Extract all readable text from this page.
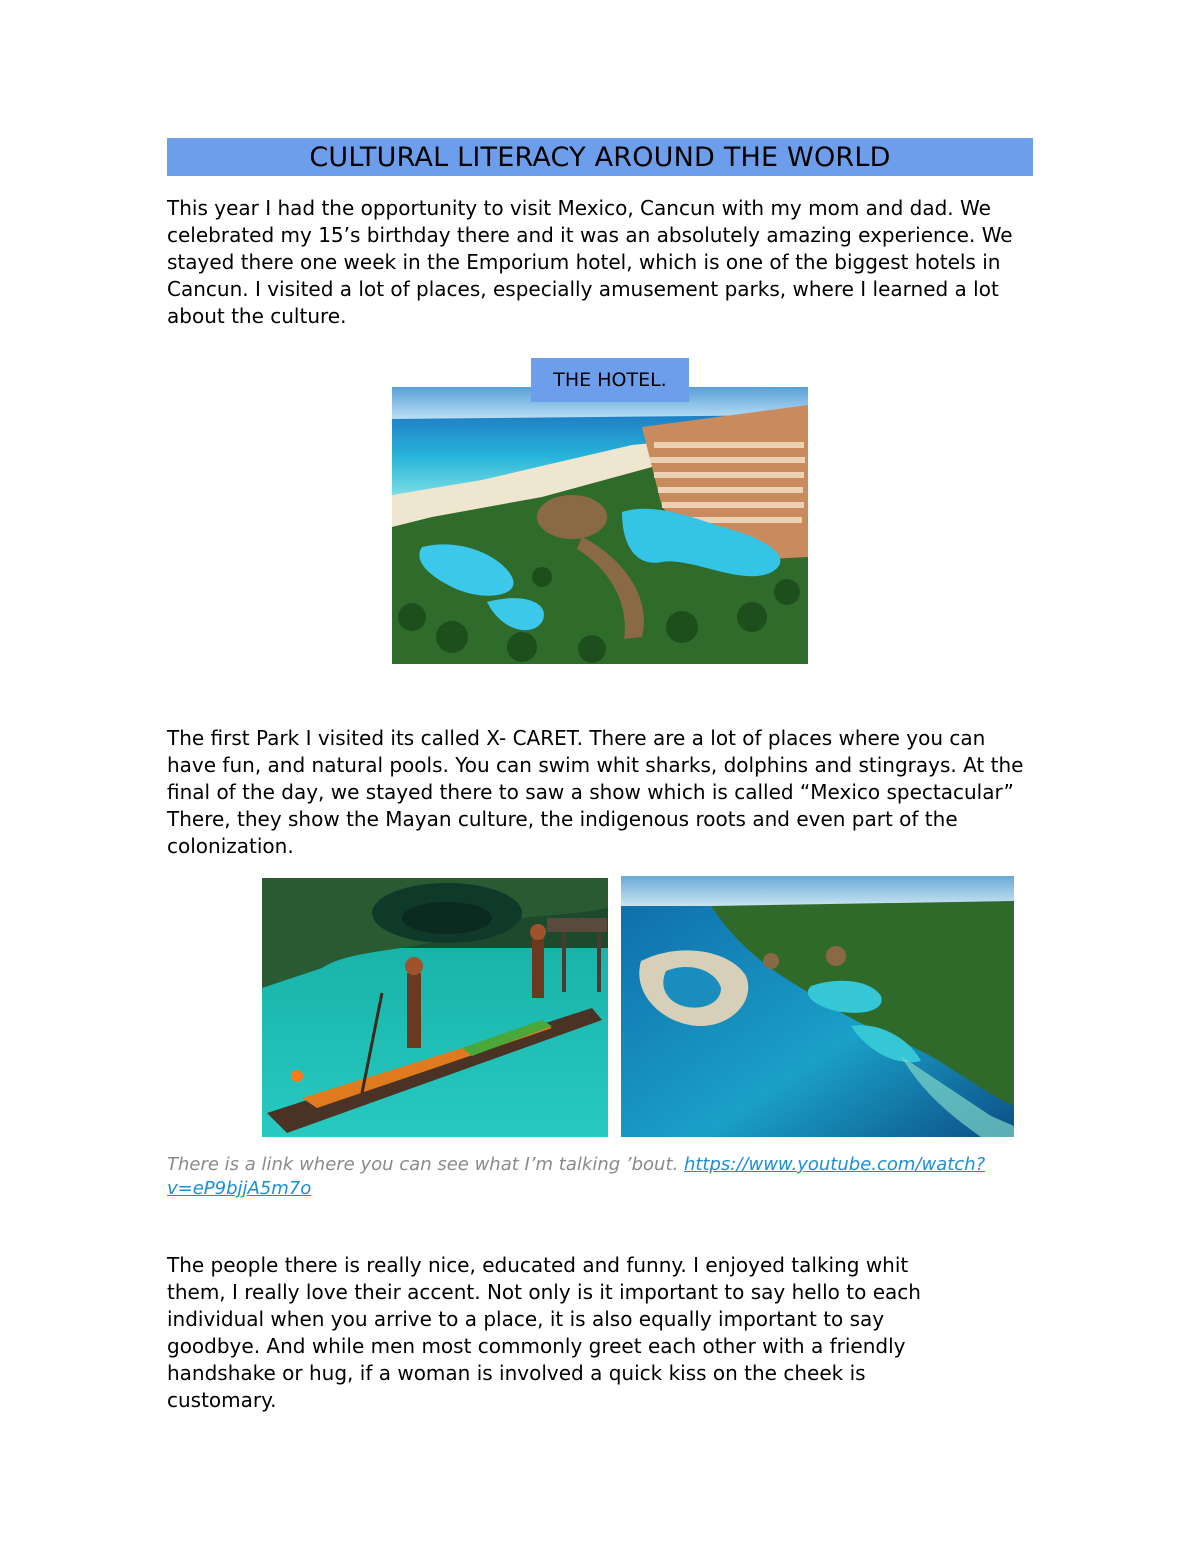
CULTURAL LITERACY AROUND THE WORLD

This year I had the opportunity to visit Mexico, Cancun with my mom and dad. We celebrated my 15’s birthday there and it was an absolutely amazing experience. We stayed there one week in the Emporium hotel, which is one of the biggest hotels in Cancun. I visited a lot of places, especially amusement parks, where I learned a lot about the culture.

THE HOTEL.

The first Park I visited its called X- CARET. There are a lot of places where you can have fun, and natural pools. You can swim whit sharks, dolphins and stingrays. At the final of the day, we stayed there to saw a show which is called “Mexico spectacular” There, they show the Mayan culture, the indigenous roots and even part of the colonization.

There is a link where you can see what I’m talking ’bout. https://www.youtube.com/watch?v=eP9bjjA5m7o

The people there is really nice, educated and funny. I enjoyed talking whit
them, I really love their accent. Not only is it important to say hello to each
individual when you arrive to a place, it is also equally important to say
goodbye. And while men most commonly greet each other with a friendly
handshake or hug, if a woman is involved a quick kiss on the cheek is
customary.
